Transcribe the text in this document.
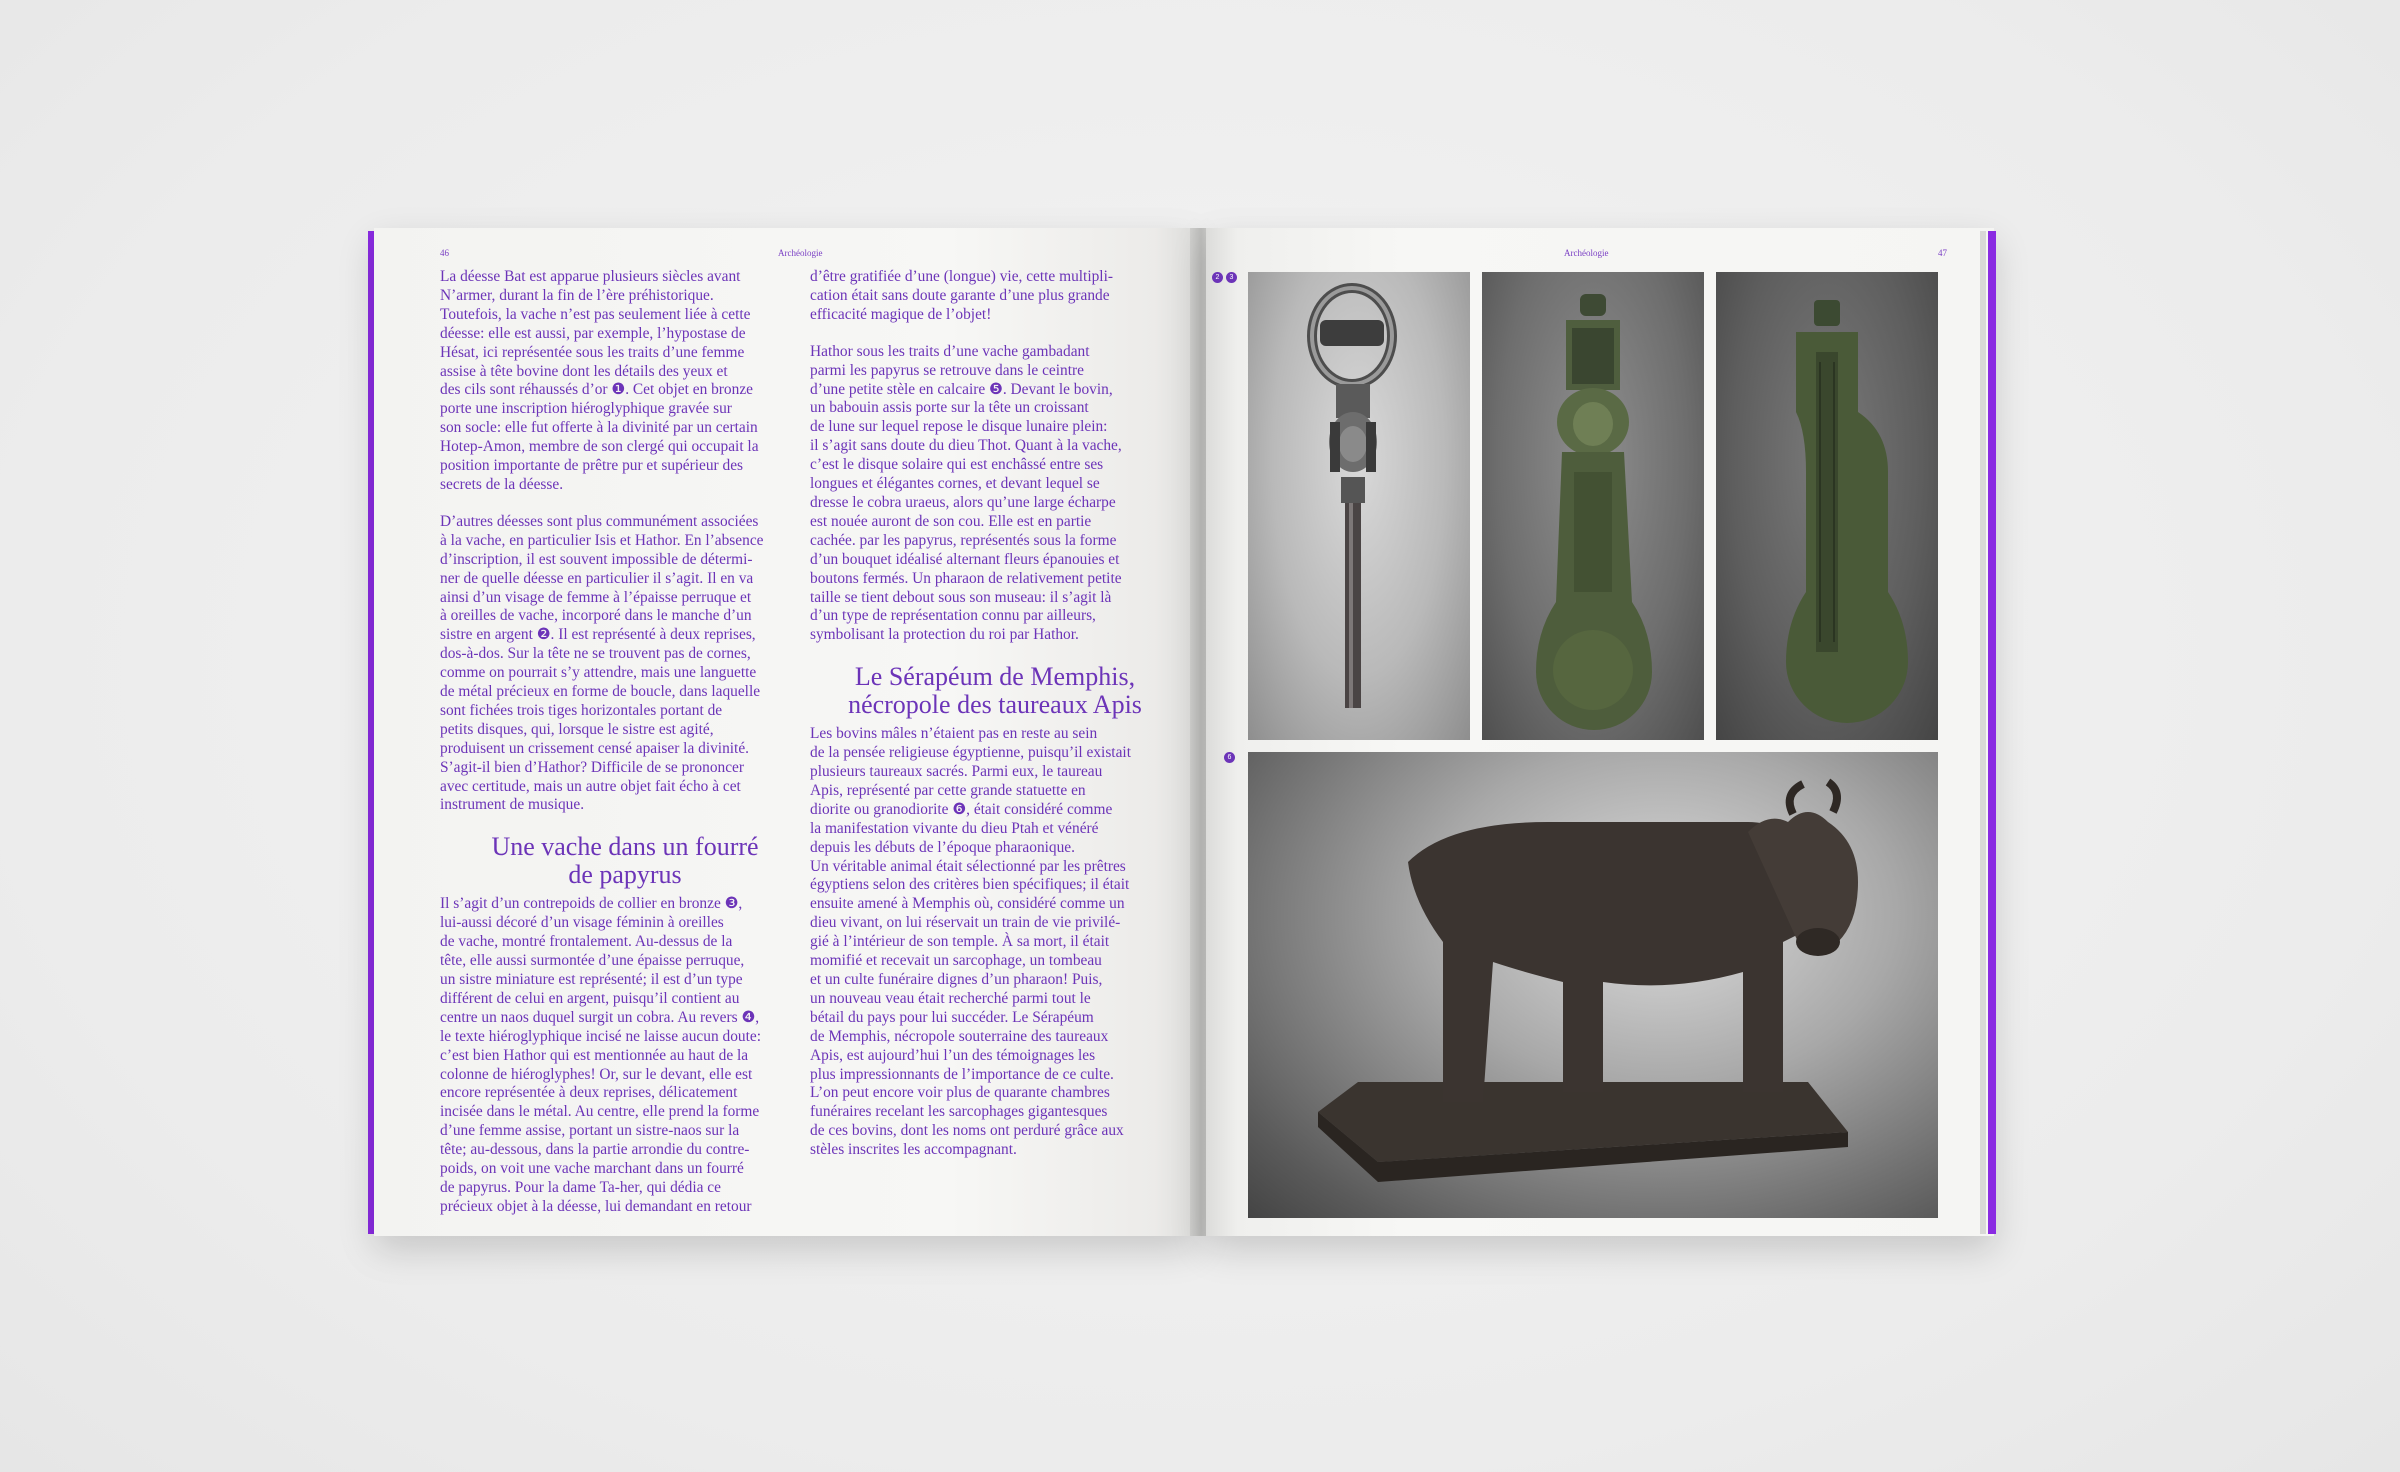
46	Archéologie

La déesse Bat est apparue plusieurs siècles avant
N’armer, durant la fin de l’ère préhistorique.
Toutefois, la vache n’est pas seulement liée à cette
déesse: elle est aussi, par exemple, l’hypostase de
Hésat, ici représentée sous les traits d’une femme
assise à tête bovine dont les détails des yeux et
des cils sont réhaussés d’or ❶. Cet objet en bronze
porte une inscription hiéroglyphique gravée sur
son socle: elle fut offerte à la divinité par un certain
Hotep-Amon, membre de son clergé qui occupait la
position importante de prêtre pur et supérieur des
secrets de la déesse.

D’autres déesses sont plus communément associées
à la vache, en particulier Isis et Hathor. En l’absence
d’inscription, il est souvent impossible de détermi-
ner de quelle déesse en particulier il s’agit. Il en va
ainsi d’un visage de femme à l’épaisse perruque et
à oreilles de vache, incorporé dans le manche d’un
sistre en argent ❷. Il est représenté à deux reprises,
dos-à-dos. Sur la tête ne se trouvent pas de cornes,
comme on pourrait s’y attendre, mais une languette
de métal précieux en forme de boucle, dans laquelle
sont fichées trois tiges horizontales portant de
petits disques, qui, lorsque le sistre est agité,
produisent un crissement censé apaiser la divinité.
S’agit-il bien d’Hathor? Difficile de se prononcer
avec certitude, mais un autre objet fait écho à cet
instrument de musique.

Une vache dans un fourré
de papyrus

Il s’agit d’un contrepoids de collier en bronze ❸,
lui-aussi décoré d’un visage féminin à oreilles
de vache, montré frontalement. Au-dessus de la
tête, elle aussi surmontée d’une épaisse perruque,
un sistre miniature est représenté; il est d’un type
différent de celui en argent, puisqu’il contient au
centre un naos duquel surgit un cobra. Au revers ❹,
le texte hiéroglyphique incisé ne laisse aucun doute:
c’est bien Hathor qui est mentionnée au haut de la
colonne de hiéroglyphes! Or, sur le devant, elle est
encore représentée à deux reprises, délicatement
incisée dans le métal. Au centre, elle prend la forme
d’une femme assise, portant un sistre-naos sur la
tête; au-dessous, dans la partie arrondie du contre-
poids, on voit une vache marchant dans un fourré
de papyrus. Pour la dame Ta-her, qui dédia ce
précieux objet à la déesse, lui demandant en retour

d’être gratifiée d’une (longue) vie, cette multipli-
cation était sans doute garante d’une plus grande
efficacité magique de l’objet!

Hathor sous les traits d’une vache gambadant
parmi les papyrus se retrouve dans le ceintre
d’une petite stèle en calcaire ❺. Devant le bovin,
un babouin assis porte sur la tête un croissant
de lune sur lequel repose le disque lunaire plein:
il s’agit sans doute du dieu Thot. Quant à la vache,
c’est le disque solaire qui est enchâssé entre ses
longues et élégantes cornes, et devant lequel se
dresse le cobra uraeus, alors qu’une large écharpe
est nouée auront de son cou. Elle est en partie
cachée. par les papyrus, représentés sous la forme
d’un bouquet idéalisé alternant fleurs épanouies et
boutons fermés. Un pharaon de relativement petite
taille se tient debout sous son museau: il s’agit là
d’un type de représentation connu par ailleurs,
symbolisant la protection du roi par Hathor.

Le Sérapéum de Memphis,
nécropole des taureaux Apis

Les bovins mâles n’étaient pas en reste au sein
de la pensée religieuse égyptienne, puisqu’il existait
plusieurs taureaux sacrés. Parmi eux, le taureau
Apis, représenté par cette grande statuette en
diorite ou granodiorite ❻, était considéré comme
la manifestation vivante du dieu Ptah et vénéré
depuis les débuts de l’époque pharaonique.
Un véritable animal était sélectionné par les prêtres
égyptiens selon des critères bien spécifiques; il était
ensuite amené à Memphis où, considéré comme un
dieu vivant, on lui réservait un train de vie privilé-
gié à l’intérieur de son temple. À sa mort, il était
momifié et recevait un sarcophage, un tombeau
et un culte funéraire dignes d’un pharaon! Puis,
un nouveau veau était recherché parmi tout le
bétail du pays pour lui succéder. Le Sérapéum
de Memphis, nécropole souterraine des taureaux
Apis, est aujourd’hui l’un des témoignages les
plus impressionnants de l’importance de ce culte.
L’on peut encore voir plus de quarante chambres
funéraires recelant les sarcophages gigantesques
de ces bovins, dont les noms ont perduré grâce aux
stèles inscrites les accompagnant.

47
Archéologie
2	3
6
